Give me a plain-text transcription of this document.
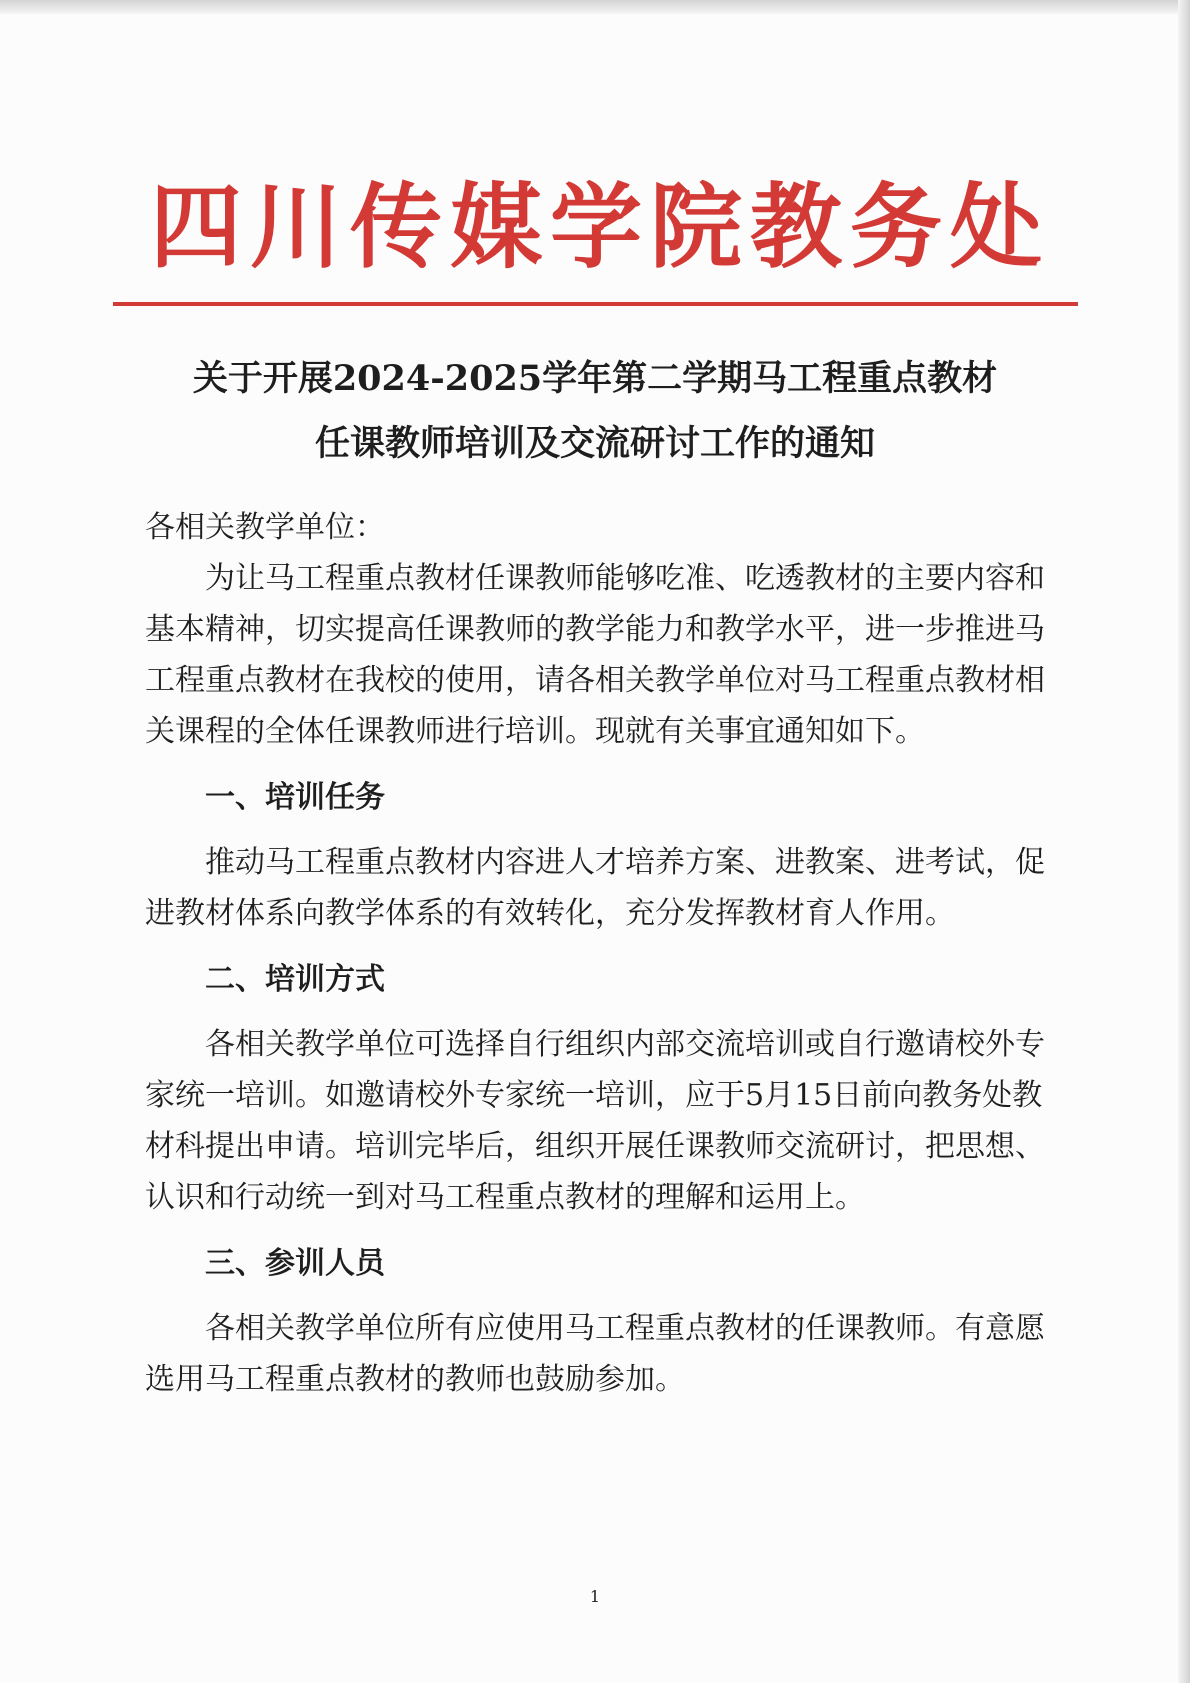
四川传媒学院教务处
关于开展2024-2025学年第二学期马工程重点教材
任课教师培训及交流研讨工作的通知

各相关教学单位：

为让马工程重点教材任课教师能够吃准、吃透教材的主要内容和基本精神，切实提高任课教师的教学能力和教学水平，进一步推进马工程重点教材在我校的使用，请各相关教学单位对马工程重点教材相关课程的全体任课教师进行培训。现就有关事宜通知如下。

一、培训任务

推动马工程重点教材内容进人才培养方案、进教案、进考试，促进教材体系向教学体系的有效转化，充分发挥教材育人作用。

二、培训方式

各相关教学单位可选择自行组织内部交流培训或自行邀请校外专家统一培训。如邀请校外专家统一培训，应于5月15日前向教务处教材科提出申请。培训完毕后，组织开展任课教师交流研讨，把思想、认识和行动统一到对马工程重点教材的理解和运用上。

三、参训人员

各相关教学单位所有应使用马工程重点教材的任课教师。有意愿选用马工程重点教材的教师也鼓励参加。

1
